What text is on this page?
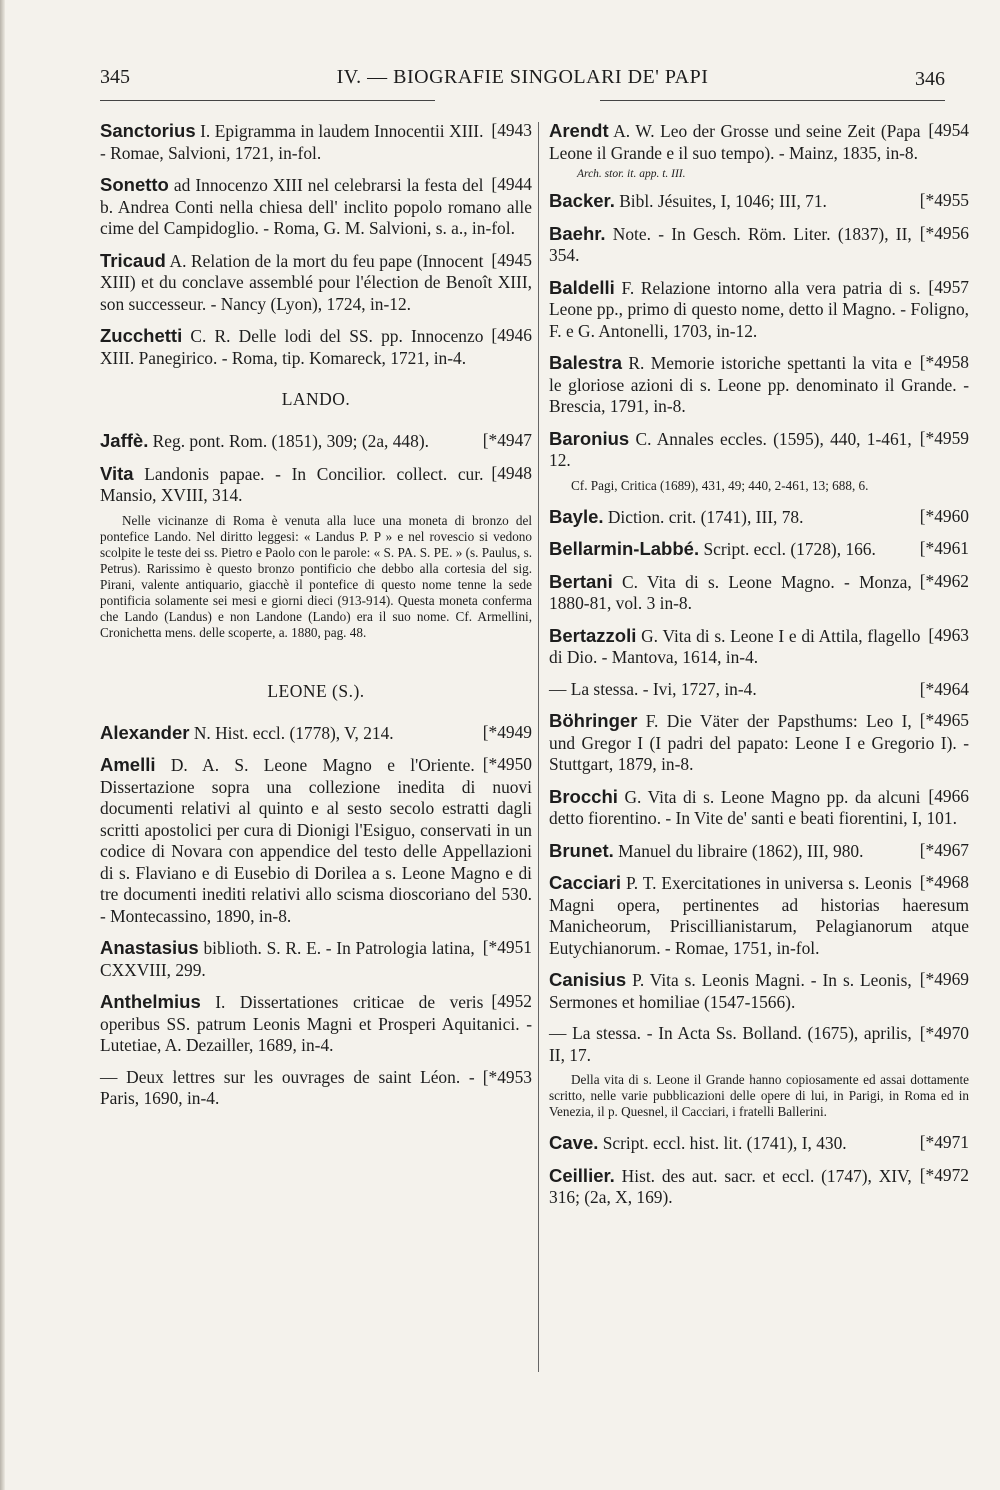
345	IV. — BIOGRAFIE SINGOLARI DE' PAPI	346
[4943
Sanctorius I. Epigramma in laudem Innocentii XIII. - Romae, Salvioni, 1721, in-fol.
[4944
Sonetto ad Innocenzo XIII nel celebrarsi la festa del b. Andrea Conti nella chiesa dell' inclito popolo romano alle cime del Campidoglio. - Roma, G. M. Salvioni, s. a., in-fol.
[4945
Tricaud A. Relation de la mort du feu pape (Innocent XIII) et du conclave assemblé pour l'élection de Benoît XIII, son successeur. - Nancy (Lyon), 1724, in-12.
[4946
Zucchetti C. R. Delle lodi del SS. pp. Innocenzo XIII. Panegirico. - Roma, tip. Komareck, 1721, in-4.
LANDO.
[*4947
Jaffè. Reg. pont. Rom. (1851), 309; (2a, 448).
[4948
Vita Landonis papae. - In Concilior. collect. cur. Mansio, XVIII, 314.
Nelle vicinanze di Roma è venuta alla luce una moneta di bronzo del pontefice Lando. Nel diritto leggesi: « Landus P. P » e nel rovescio si vedono scolpite le teste dei ss. Pietro e Paolo con le parole: « S. PA. S. PE. » (s. Paulus, s. Petrus). Rarissimo è questo bronzo pontificio che debbo alla cortesia del sig. Pirani, valente antiquario, giacchè il pontefice di questo nome tenne la sede pontificia solamente sei mesi e giorni dieci (913-914). Questa moneta conferma che Lando (Landus) e non Landone (Lando) era il suo nome. Cf. Armellini, Cronichetta mens. delle scoperte, a. 1880, pag. 48.
LEONE (S.).
[*4949
Alexander N. Hist. eccl. (1778), V, 214.
[*4950
Amelli D. A. S. Leone Magno e l'Oriente. Dissertazione sopra una collezione inedita di nuovi documenti relativi al quinto e al sesto secolo estratti dagli scritti apostolici per cura di Dionigi l'Esiguo, conservati in un codice di Novara con appendice del testo delle Appellazioni di s. Flaviano e di Eusebio di Dorilea a s. Leone Magno e di tre documenti inediti relativi allo scisma dioscoriano del 530. - Montecassino, 1890, in-8.
[*4951
Anastasius biblioth. S. R. E. - In Patrologia latina, CXXVIII, 299.
[4952
Anthelmius I. Dissertationes criticae de veris operibus SS. patrum Leonis Magni et Prosperi Aquitanici. - Lutetiae, A. Dezailler, 1689, in-4.
[*4953
— Deux lettres sur les ouvrages de saint Léon. - Paris, 1690, in-4.
[4954
Arendt A. W. Leo der Grosse und seine Zeit (Papa Leone il Grande e il suo tempo). - Mainz, 1835, in-8.
Arch. stor. it. app. t. III.
[*4955
Backer. Bibl. Jésuites, I, 1046; III, 71.
[*4956
Baehr. Note. - In Gesch. Röm. Liter. (1837), II, 354.
[4957
Baldelli F. Relazione intorno alla vera patria di s. Leone pp., primo di questo nome, detto il Magno. - Foligno, F. e G. Antonelli, 1703, in-12.
[*4958
Balestra R. Memorie istoriche spettanti la vita e le gloriose azioni di s. Leone pp. denominato il Grande. - Brescia, 1791, in-8.
[*4959
Baronius C. Annales eccles. (1595), 440, 1-461, 12.
Cf. Pagi, Critica (1689), 431, 49; 440, 2-461, 13; 688, 6.
[*4960
Bayle. Diction. crit. (1741), III, 78.
[*4961
Bellarmin-Labbé. Script. eccl. (1728), 166.
[*4962
Bertani C. Vita di s. Leone Magno. - Monza, 1880-81, vol. 3 in-8.
[4963
Bertazzoli G. Vita di s. Leone I e di Attila, flagello di Dio. - Mantova, 1614, in-4.
[*4964
— La stessa. - Ivi, 1727, in-4.
[*4965
Böhringer F. Die Väter der Papsthums: Leo I, und Gregor I (I padri del papato: Leone I e Gregorio I). - Stuttgart, 1879, in-8.
[4966
Brocchi G. Vita di s. Leone Magno pp. da alcuni detto fiorentino. - In Vite de' santi e beati fiorentini, I, 101.
[*4967
Brunet. Manuel du libraire (1862), III, 980.
[*4968
Cacciari P. T. Exercitationes in universa s. Leonis Magni opera, pertinentes ad historias haeresum Manicheorum, Priscillianistarum, Pelagianorum atque Eutychianorum. - Romae, 1751, in-fol.
[*4969
Canisius P. Vita s. Leonis Magni. - In s. Leonis, Sermones et homiliae (1547-1566).
[*4970
— La stessa. - In Acta Ss. Bolland. (1675), aprilis, II, 17.
Della vita di s. Leone il Grande hanno copiosamente ed assai dottamente scritto, nelle varie pubblicazioni delle opere di lui, in Parigi, in Roma ed in Venezia, il p. Quesnel, il Cacciari, i fratelli Ballerini.
[*4971
Cave. Script. eccl. hist. lit. (1741), I, 430.
[*4972
Ceillier. Hist. des aut. sacr. et eccl. (1747), XIV, 316; (2a, X, 169).
